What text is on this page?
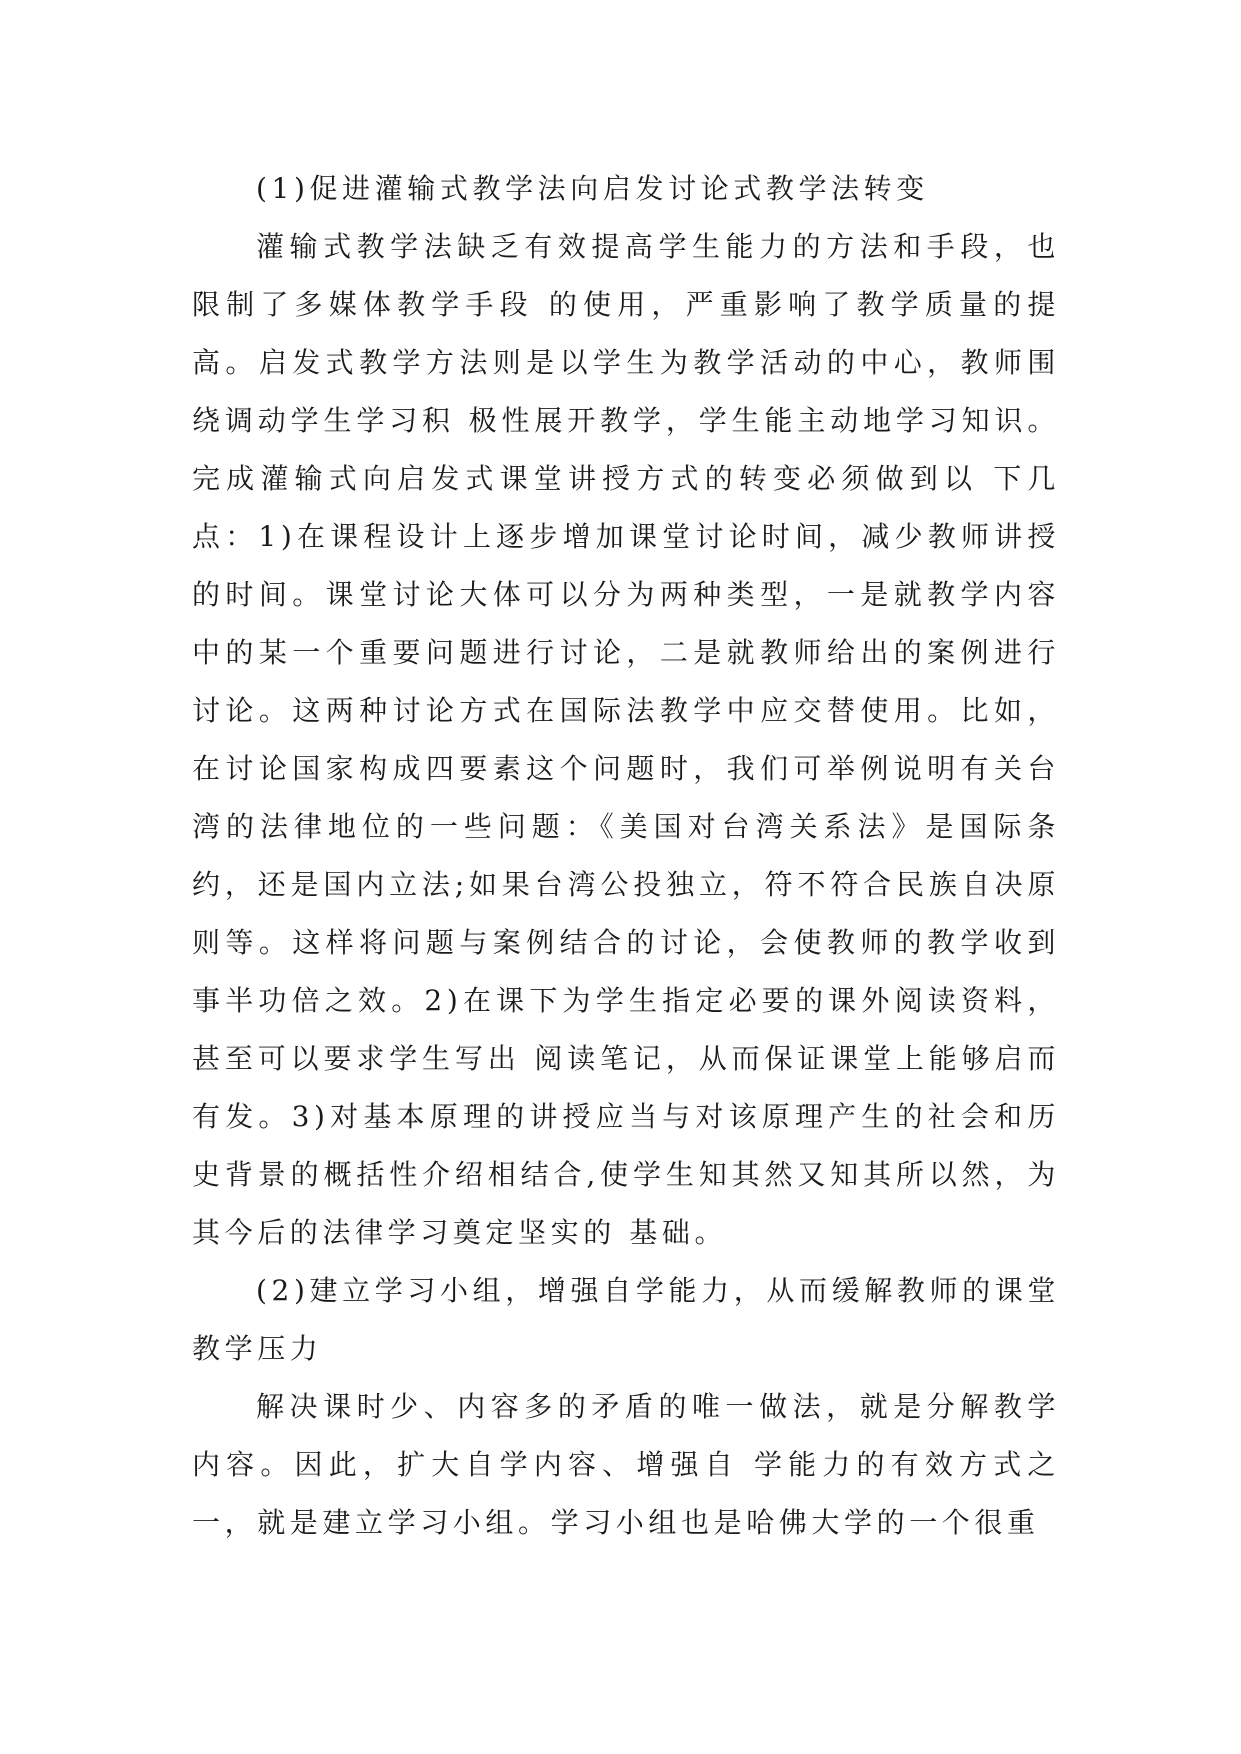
(1)促进灌输式教学法向启发讨论式教学法转变

灌输式教学法缺乏有效提高学生能力的方法和手段，也限制了多媒体教学手段 的使用，严重影响了教学质量的提高。启发式教学方法则是以学生为教学活动的中心，教师围绕调动学生学习积 极性展开教学，学生能主动地学习知识。完成灌输式向启发式课堂讲授方式的转变必须做到以 下几点：1)在课程设计上逐步增加课堂讨论时间，减少教师讲授的时间。课堂讨论大体可以分为两种类型，一是就教学内容中的某一个重要问题进行讨论，二是就教师给出的案例进行讨论。这两种讨论方式在国际法教学中应交替使用。比如，在讨论国家构成四要素这个问题时，我们可举例说明有关台湾的法律地位的一些问题：《美国对台湾关系法》是国际条约，还是国内立法;如果台湾公投独立，符不符合民族自决原则等。这样将问题与案例结合的讨论，会使教师的教学收到事半功倍之效。2)在课下为学生指定必要的课外阅读资料，甚至可以要求学生写出 阅读笔记，从而保证课堂上能够启而有发。3)对基本原理的讲授应当与对该原理产生的社会和历史背景的概括性介绍相结合,使学生知其然又知其所以然，为其今后的法律学习奠定坚实的 基础。

(2)建立学习小组，增强自学能力，从而缓解教师的课堂教学压力

解决课时少、内容多的矛盾的唯一做法，就是分解教学内容。因此，扩大自学内容、增强自 学能力的有效方式之一，就是建立学习小组。学习小组也是哈佛大学的一个很重
